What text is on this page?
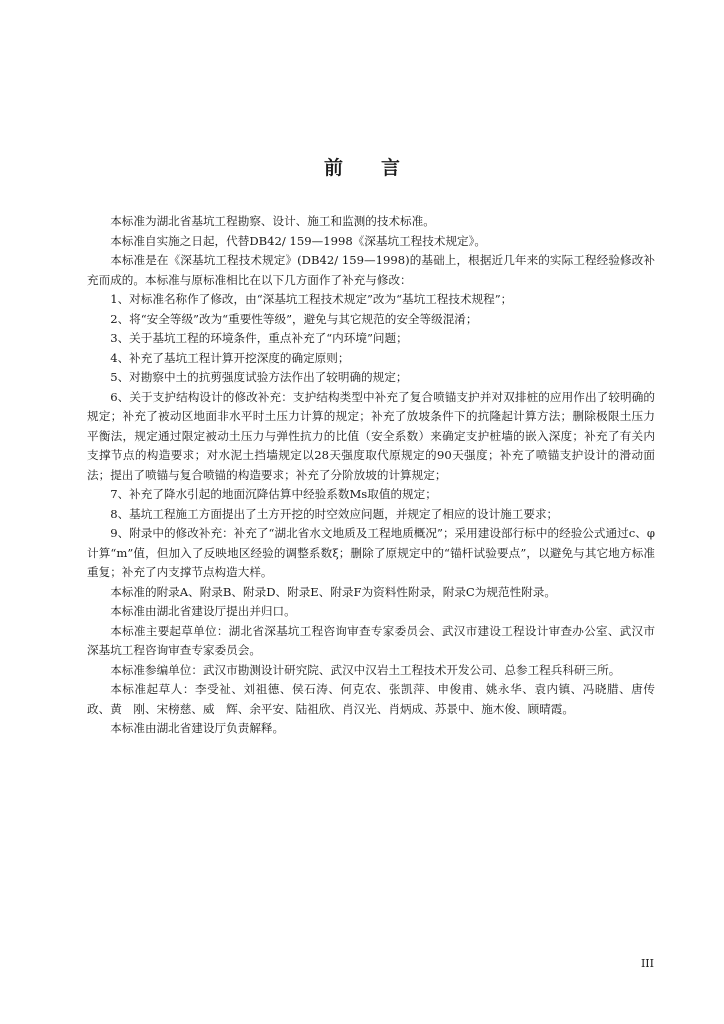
前言

本标准为湖北省基坑工程勘察、设计、施工和监测的技术标准。

本标准自实施之日起，代替DB42/ 159—1998《深基坑工程技术规定》。

本标准是在《深基坑工程技术规定》(DB42/ 159—1998)的基础上，根据近几年来的实际工程经验修改补充而成的。本标准与原标准相比在以下几方面作了补充与修改：

1、对标准名称作了修改，由“深基坑工程技术规定”改为“基坑工程技术规程”；

2、将“安全等级”改为“重要性等级”，避免与其它规范的安全等级混淆；

3、关于基坑工程的环境条件，重点补充了“内环境”问题；

4、补充了基坑工程计算开挖深度的确定原则；

5、对勘察中土的抗剪强度试验方法作出了较明确的规定；

6、关于支护结构设计的修改补充：支护结构类型中补充了复合喷锚支护并对双排桩的应用作出了较明确的规定；补充了被动区地面非水平时土压力计算的规定；补充了放坡条件下的抗隆起计算方法；删除极限土压力平衡法，规定通过限定被动土压力与弹性抗力的比值（安全系数）来确定支护桩墙的嵌入深度；补充了有关内支撑节点的构造要求；对水泥土挡墙规定以28天强度取代原规定的90天强度；补充了喷锚支护设计的滑动面法；提出了喷锚与复合喷锚的构造要求；补充了分阶放坡的计算规定；

7、补充了降水引起的地面沉降估算中经验系数Ms取值的规定；

8、基坑工程施工方面提出了土方开挖的时空效应问题，并规定了相应的设计施工要求；

9、附录中的修改补充：补充了“湖北省水文地质及工程地质概况”；采用建设部行标中的经验公式通过c、φ计算“m”值，但加入了反映地区经验的调整系数ξ；删除了原规定中的“锚杆试验要点”，以避免与其它地方标准重复；补充了内支撑节点构造大样。

本标准的附录A、附录B、附录D、附录E、附录F为资料性附录，附录C为规范性附录。

本标准由湖北省建设厅提出并归口。

本标准主要起草单位：湖北省深基坑工程咨询审查专家委员会、武汉市建设工程设计审查办公室、武汉市深基坑工程咨询审查专家委员会。

本标准参编单位：武汉市勘测设计研究院、武汉中汉岩土工程技术开发公司、总参工程兵科研三所。

本标准起草人：李受祉、刘祖德、侯石涛、何克农、张凯萍、申俊甫、姚永华、袁内镇、冯晓腊、唐传政、黄　刚、宋榜慈、威　辉、余平安、陆祖欣、肖汉光、肖炳成、苏景中、施木俊、顾晴霞。

本标准由湖北省建设厅负责解释。

III
